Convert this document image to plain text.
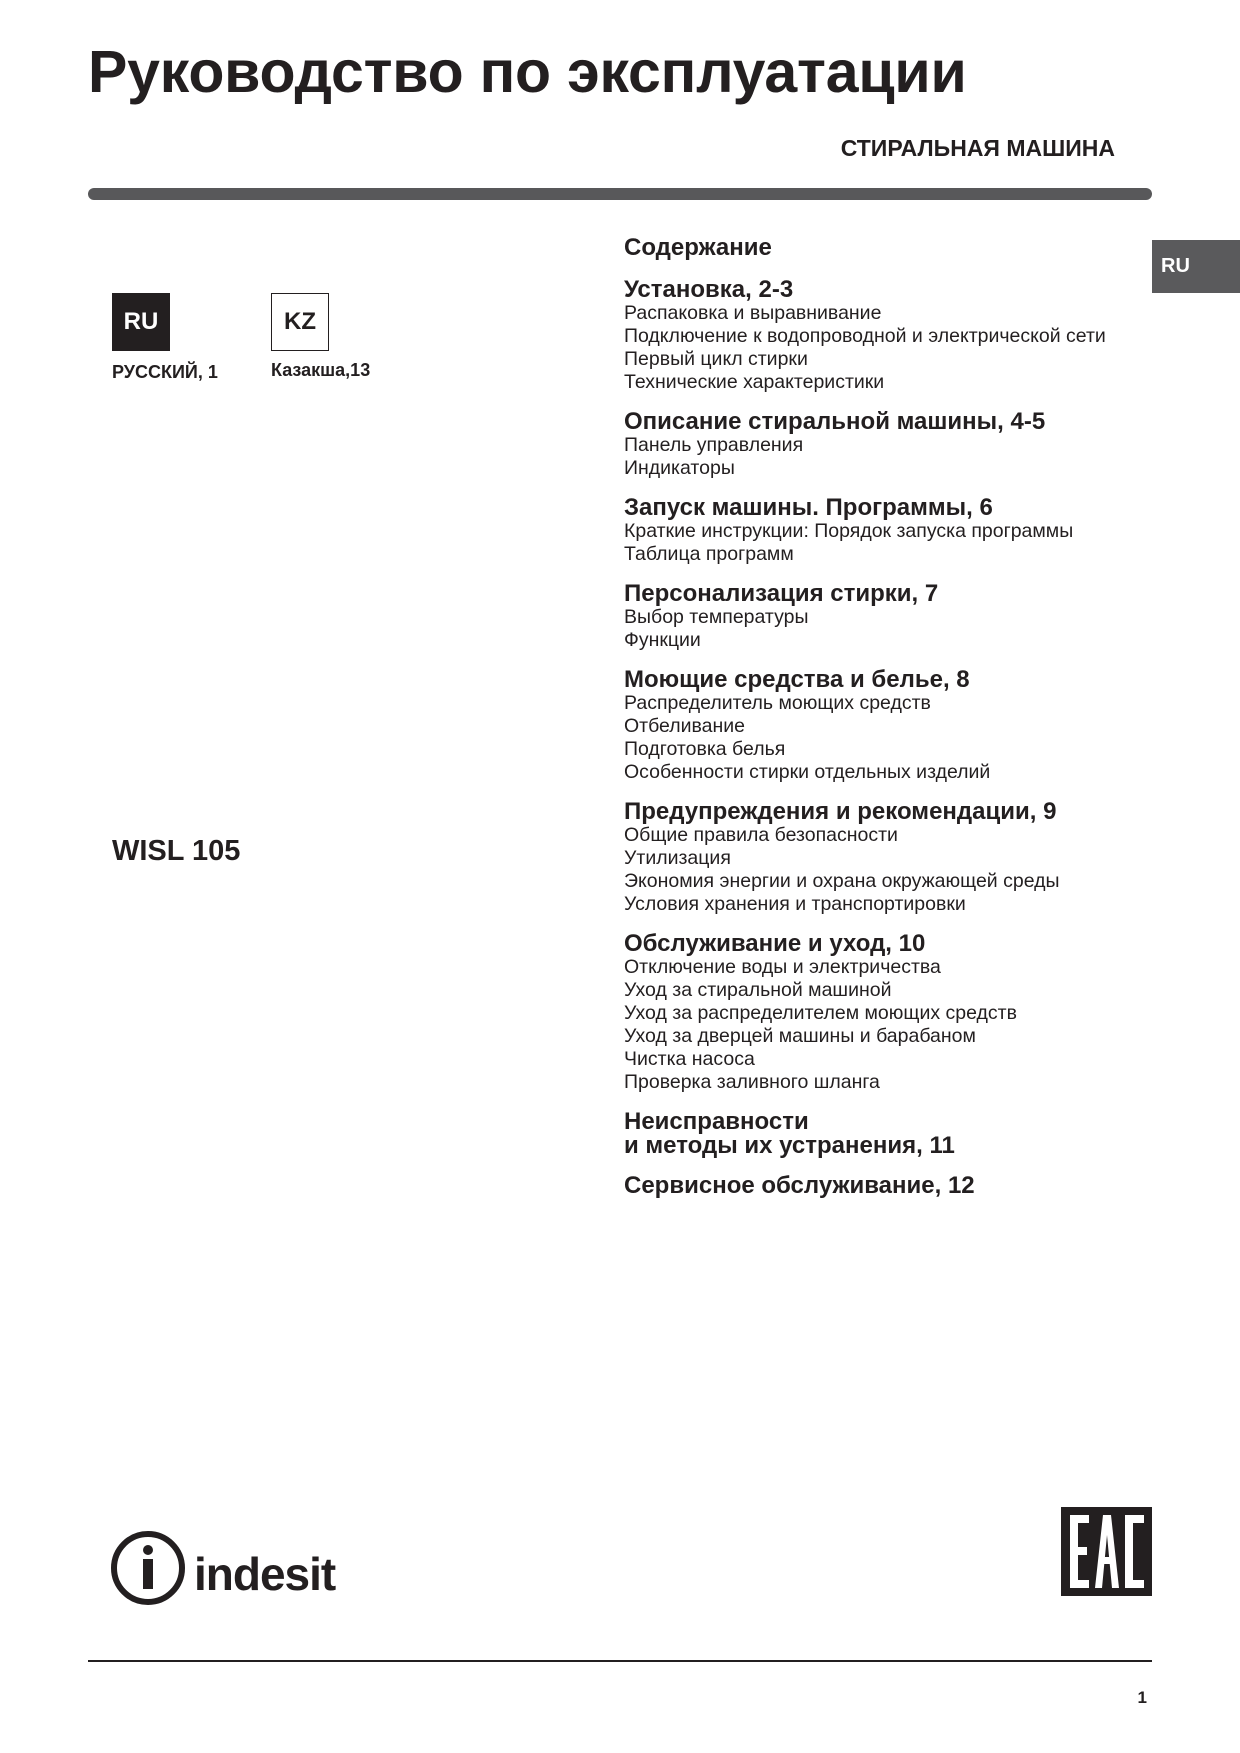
Руководство по эксплуатации
СТИРАЛЬНАЯ МАШИНА
RU
RU
РУССКИЙ, 1
KZ
Казакша,13
WISL 105
Содержание
Установка, 2-3
Распаковка и выравнивание
Подключение к водопроводной и электрической сети
Первый цикл стирки
Технические характеристики
Описание стиральной машины, 4-5
Панель управления
Индикаторы
Запуск машины. Программы, 6
Краткие инструкции: Порядок запуска программы
Таблица программ
Персонализация стирки, 7
Выбор температуры
Функции
Моющие средства и белье, 8
Распределитель моющих средств
Отбеливание
Подготовка белья
Особенности стирки отдельных изделий
Предупреждения и рекомендации, 9
Общие правила безопасности
Утилизация
Экономия энергии и охрана окружающей среды
Условия хранения и транспортировки
Обслуживание и уход, 10
Отключение воды и электричества
Уход за стиральной машиной
Уход за распределителем моющих средств
Уход за дверцей машины и барабаном
Чистка насоса
Проверка заливного шланга
Неисправности
и методы их устранения, 11
Сервисное обслуживание, 12
indesit
1
